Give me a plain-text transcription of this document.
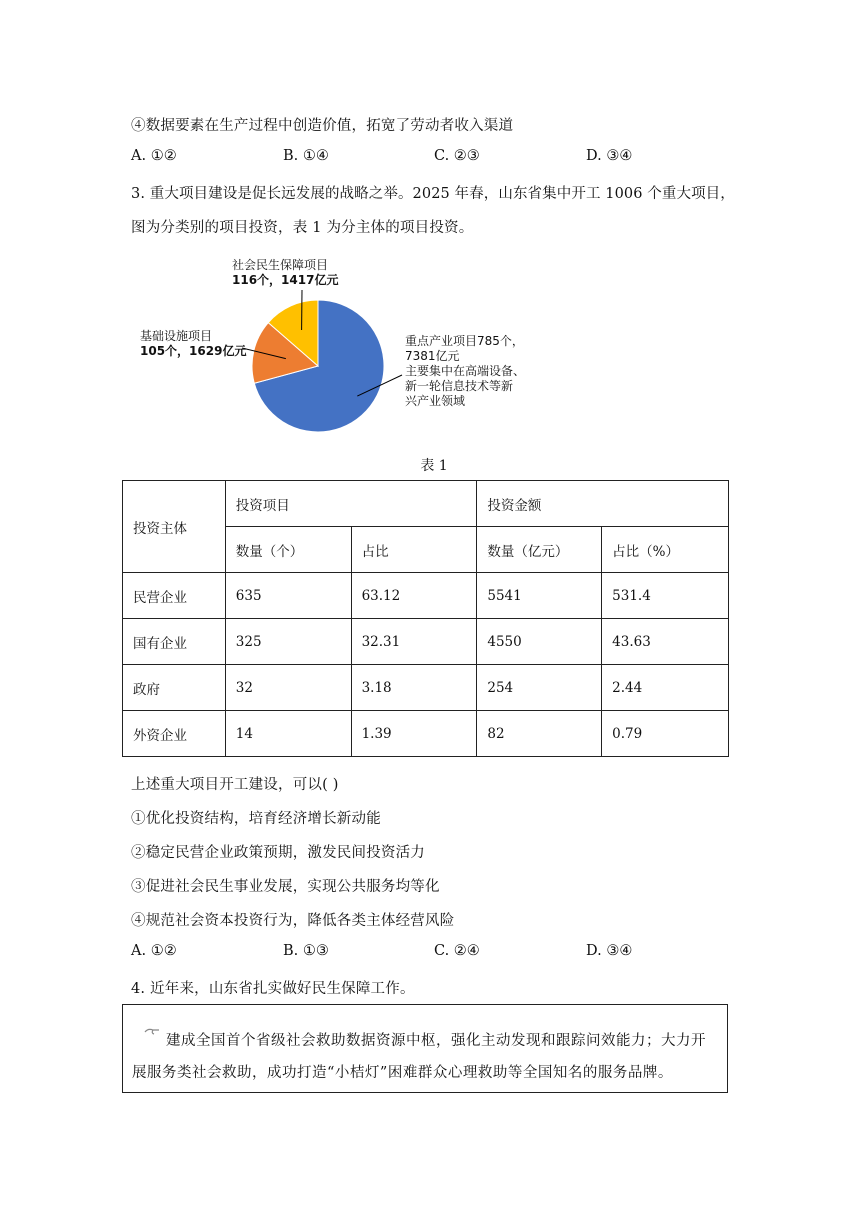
④数据要素在生产过程中创造价值，拓宽了劳动者收入渠道
A. ①②	B. ①④	C. ②③	D. ③④
3. 重大项目建设是促长远发展的战略之举。2025 年春，山东省集中开工 1006 个重大项目，
图为分类别的项目投资，表 1 为分主体的项目投资。
社会民生保障项目
116个，1417亿元
基础设施项目
105个，1629亿元
重点产业项目785个，
7381亿元
主要集中在高端设备、
新一轮信息技术等新
兴产业领域
表 1
投资主体	投资项目		投资金额	
	数量（个）	占比	数量（亿元）	占比（%）
民营企业	635	63.12	5541	531.4
国有企业	325	32.31	4550	43.63
政府	32	3.18	254	2.44
外资企业	14	1.39	82	0.79
上述重大项目开工建设，可以( )
①优化投资结构，培育经济增长新动能
②稳定民营企业政策预期，激发民间投资活力
③促进社会民生事业发展，实现公共服务均等化
④规范社会资本投资行为，降低各类主体经营风险
A. ①②	B. ①③	C. ②④	D. ③④
4. 近年来，山东省扎实做好民生保障工作。
建成全国首个省级社会救助数据资源中枢，强化主动发现和跟踪问效能力；大力开
展服务类社会救助，成功打造“小桔灯”困难群众心理救助等全国知名的服务品牌。
